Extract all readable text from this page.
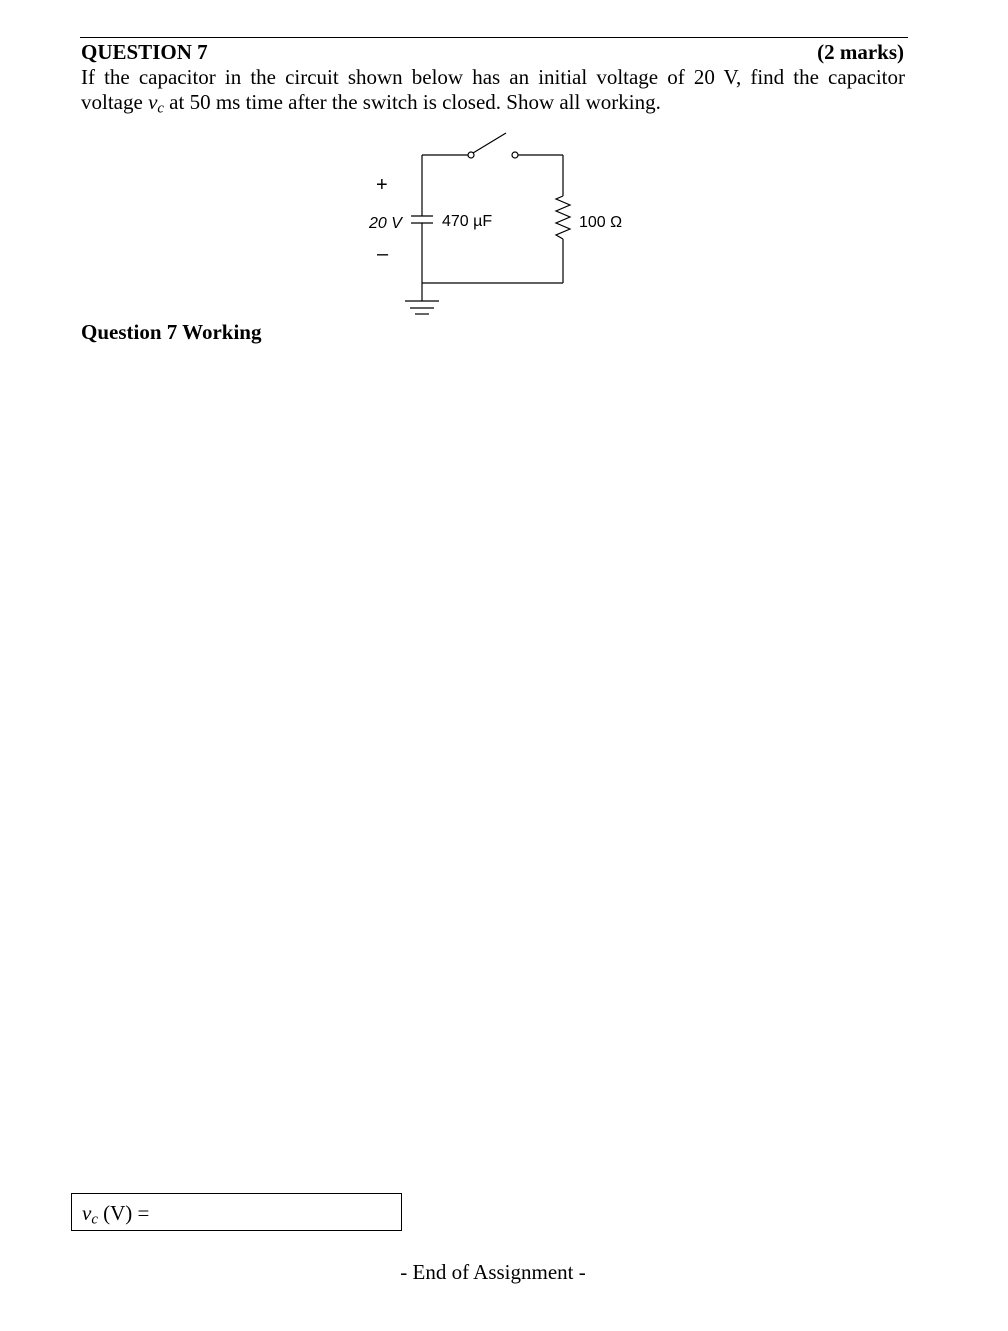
QUESTION 7	(2 marks)
If the capacitor in the circuit shown below has an initial voltage of 20 V, find the capacitor
voltage $v_c$ at 50 ms time after the switch is closed. Show all working.
+
–
20 V	470 µF	100 Ω
Question 7 Working
$v_c$ (V) =
- End of Assignment -
